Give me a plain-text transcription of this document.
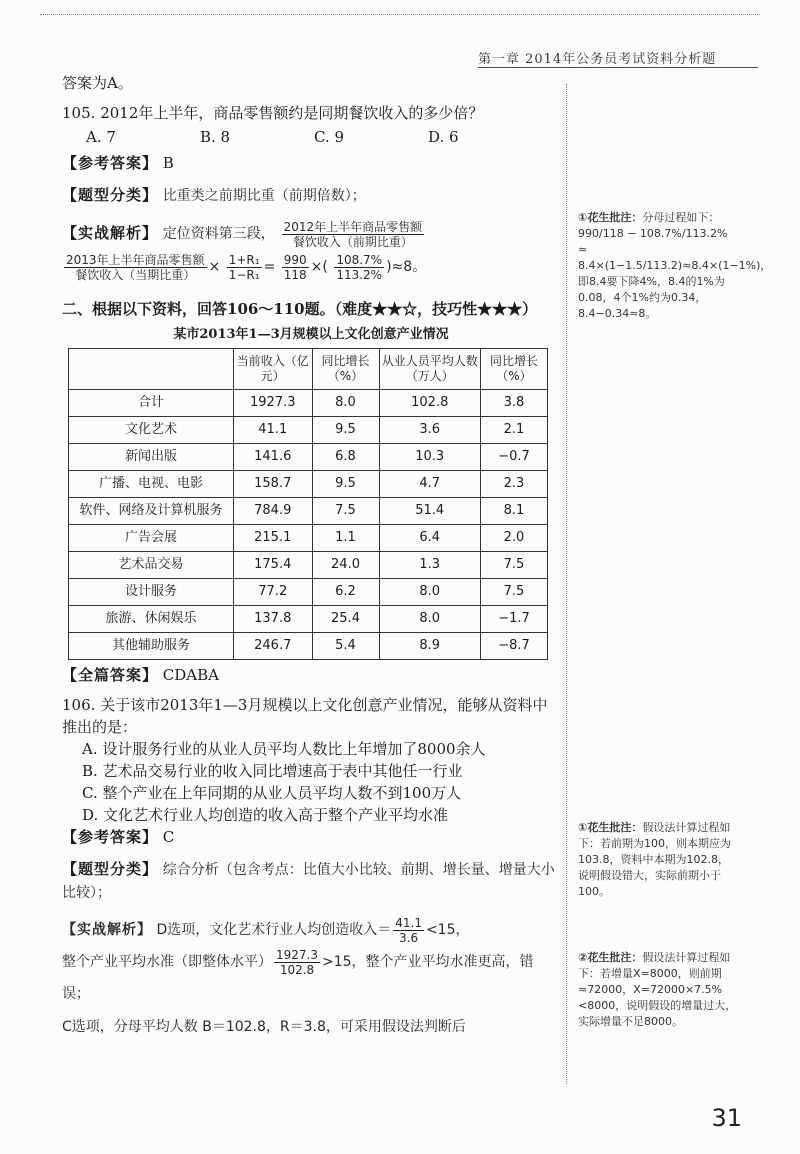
第一章 2014年公务员考试资料分析题

答案为A。

105. 2012年上半年，商品零售额约是同期餐饮收入的多少倍？

A. 7	B. 8	C. 9	D. 6

【参考答案】 B

【题型分类】 比重类之前期比重（前期倍数）；

【实战解析】 定位资料第三段， $\frac{\text{2012年上半年商品零售额}}{\text{餐饮收入（前期比重）}}$

$\frac{\text{2013年上半年商品零售额}}{\text{餐饮收入（当期比重）}} \times \frac{\text{1+R₁}}{\text{1−R₁}} = \frac{990}{118}$ ×( $\frac{108.7\%}{113.2\%} )\approx 8$。

二、根据以下资料，回答106～110题。（难度★★☆，技巧性★★★）

某市2013年1—3月规模以上文化创意产业情况

	当前收入（亿元）	同比增长（%）	从业人员平均人数（万人）	同比增长（%）
合计	1927.3	8.0	102.8	3.8
文化艺术	41.1	9.5	3.6	2.1
新闻出版	141.6	6.8	10.3	−0.7
广播、电视、电影	158.7	9.5	4.7	2.3
软件、网络及计算机服务	784.9	7.5	51.4	8.1
广告会展	215.1	1.1	6.4	2.0
艺术品交易	175.4	24.0	1.3	7.5
设计服务	77.2	6.2	8.0	7.5
旅游、休闲娱乐	137.8	25.4	8.0	−1.7
其他辅助服务	246.7	5.4	8.9	−8.7

【全篇答案】 CDABA

106. 关于该市2013年1—3月规模以上文化创意产业情况，能够从资料中推出的是：

A. 设计服务行业的从业人员平均人数比上年增加了8000余人

B. 艺术品交易行业的收入同比增速高于表中其他任一行业

C. 整个产业在上年同期的从业人员平均人数不到100万人

D. 文化艺术行业人均创造的收入高于整个产业平均水准

【参考答案】 C

【题型分类】 综合分析（包含考点：比值大小比较、前期、增长量、增量大小比较）；

【实战解析】 D选项，文化艺术行业人均创造收入＝ $\frac{41.1}{3.6} <15$，

整个产业平均水准（即整体水平） $\frac{1927.3}{102.8} >15$，整个产业平均水准更高，错误；

C选项，分母平均人数 B＝102.8，R＝3.8，可采用假设法判断后

①花生批注：分母过程如下：990/118 − 108.7%/113.2% ≈ 8.4×(1−1.5/113.2)≈8.4×(1−1%)，即8.4要下降4%，8.4的1%为0.08，4个1%约为0.34，8.4−0.34≈8。
①花生批注：假设法计算过程如下：若前期为100，则本期应为103.8，资料中本期为102.8，说明假设错大，实际前期小于100。
②花生批注：假设法计算过程如下：若增量X=8000，则前期≈72000，X=72000×7.5%<8000，说明假设的增量过大，实际增量不足8000。
31
